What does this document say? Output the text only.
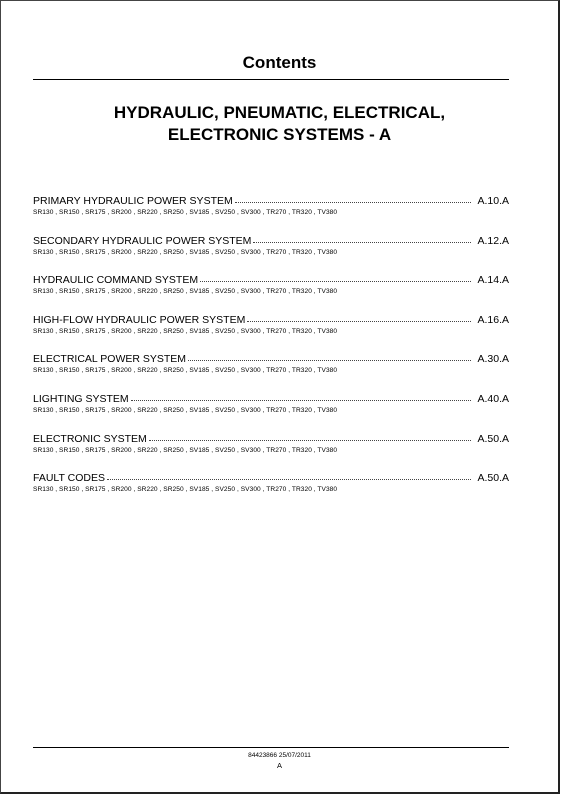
Contents
HYDRAULIC, PNEUMATIC, ELECTRICAL,
ELECTRONIC SYSTEMS - A
PRIMARY HYDRAULIC POWER SYSTEM	A.10.A
SR130 , SR150 , SR175 , SR200 , SR220 , SR250 , SV185 , SV250 , SV300 , TR270 , TR320 , TV380
SECONDARY HYDRAULIC POWER SYSTEM	A.12.A
SR130 , SR150 , SR175 , SR200 , SR220 , SR250 , SV185 , SV250 , SV300 , TR270 , TR320 , TV380
HYDRAULIC COMMAND SYSTEM	A.14.A
SR130 , SR150 , SR175 , SR200 , SR220 , SR250 , SV185 , SV250 , SV300 , TR270 , TR320 , TV380
HIGH-FLOW HYDRAULIC POWER SYSTEM	A.16.A
SR130 , SR150 , SR175 , SR200 , SR220 , SR250 , SV185 , SV250 , SV300 , TR270 , TR320 , TV380
ELECTRICAL POWER SYSTEM	A.30.A
SR130 , SR150 , SR175 , SR200 , SR220 , SR250 , SV185 , SV250 , SV300 , TR270 , TR320 , TV380
LIGHTING SYSTEM	A.40.A
SR130 , SR150 , SR175 , SR200 , SR220 , SR250 , SV185 , SV250 , SV300 , TR270 , TR320 , TV380
ELECTRONIC SYSTEM	A.50.A
SR130 , SR150 , SR175 , SR200 , SR220 , SR250 , SV185 , SV250 , SV300 , TR270 , TR320 , TV380
FAULT CODES	A.50.A
SR130 , SR150 , SR175 , SR200 , SR220 , SR250 , SV185 , SV250 , SV300 , TR270 , TR320 , TV380
84423866 25/07/2011
A
